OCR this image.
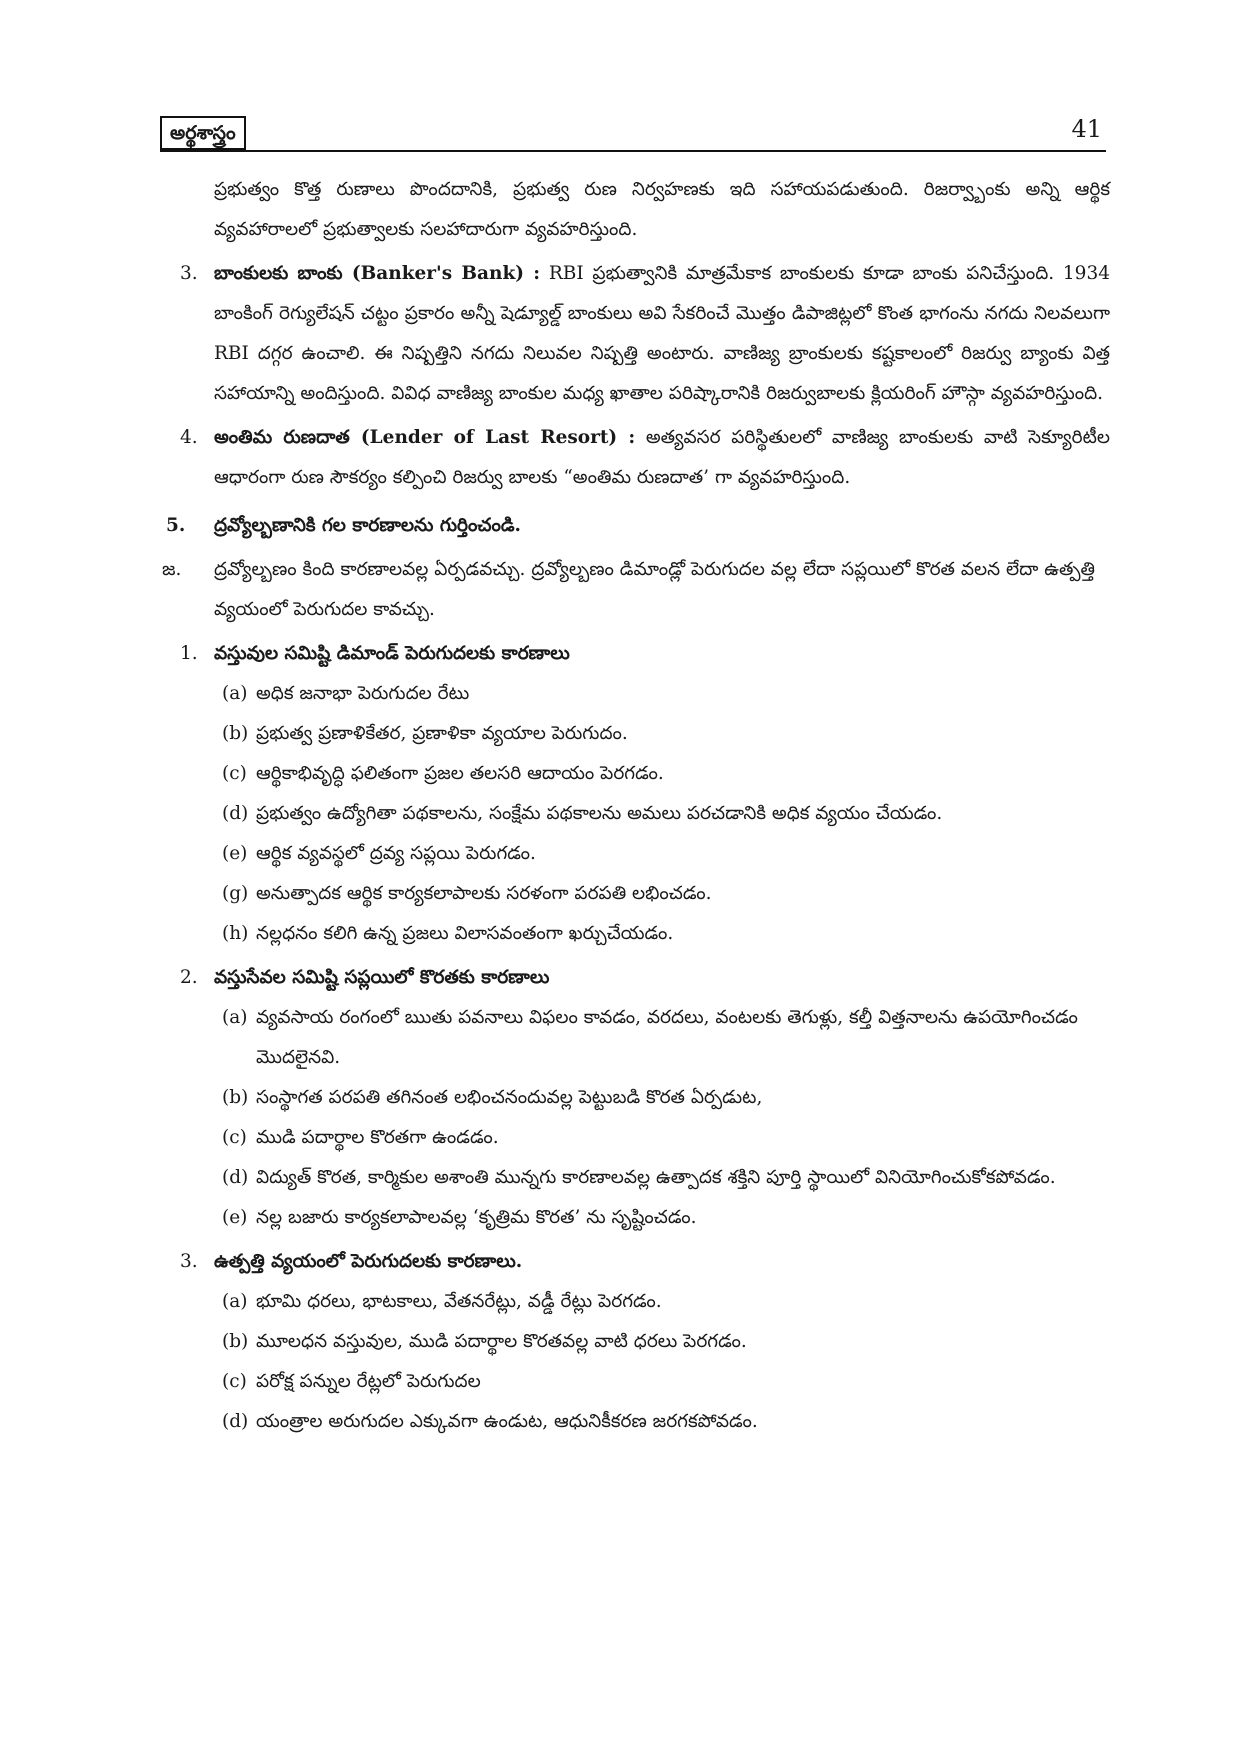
అర్థశాస్త్రం	41

ప్రభుత్వం కొత్త రుణాలు పొందదానికి, ప్రభుత్వ రుణ నిర్వహణకు ఇది సహాయపడుతుంది. రిజర్వ్బాంకు అన్ని ఆర్థిక వ్యవహారాలలో ప్రభుత్వాలకు సలహాదారుగా వ్యవహరిస్తుంది.

3. బాంకులకు బాంకు (Banker's Bank) : RBI ప్రభుత్వానికి మాత్రమేకాక బాంకులకు కూడా బాంకు పనిచేస్తుంది. 1934 బాంకింగ్ రెగ్యులేషన్ చట్టం ప్రకారం అన్నీ షెడ్యూల్డ్ బాంకులు అవి సేకరించే మొత్తం డిపాజిట్లలో కొంత భాగంను నగదు నిలవలుగా RBI దగ్గర ఉంచాలి. ఈ నిష్పత్తిని నగదు నిలువల నిష్పత్తి అంటారు. వాణిజ్య బ్రాంకులకు కష్టకాలంలో రిజర్వు బ్యాంకు విత్త సహాయాన్ని అందిస్తుంది. వివిధ వాణిజ్య బాంకుల మధ్య ఖాతాల పరిష్కారానికి రిజర్వుబాలకు క్లియరింగ్ హౌస్గా వ్యవహరిస్తుంది.
4. అంతిమ రుణదాత (Lender of Last Resort) : అత్యవసర పరిస్థితులలో వాణిజ్య బాంకులకు వాటి సెక్యూరిటీల ఆధారంగా రుణ సౌకర్యం కల్పించి రిజర్వు బాలకు “అంతిమ రుణదాత’ గా వ్యవహరిస్తుంది.
5. ద్రవ్యోల్బణానికి గల కారణాలను గుర్తించండి.
జ. ద్రవ్యోల్బణం కింది కారణాలవల్ల ఏర్పడవచ్చు. ద్రవ్యోల్బణం డిమాండ్లో పెరుగుదల వల్ల లేదా సప్లయిలో కొరత వలన లేదా ఉత్పత్తి వ్యయంలో పెరుగుదల కావచ్చు.
1. వస్తువుల సమిష్టి డిమాండ్ పెరుగుదలకు కారణాలు
(a) అధిక జనాభా పెరుగుదల రేటు
(b) ప్రభుత్వ ప్రణాళికేతర, ప్రణాళికా వ్యయాల పెరుగుదం.
(c) ఆర్థికాభివృద్ధి ఫలితంగా ప్రజల తలసరి ఆదాయం పెరగడం.
(d) ప్రభుత్వం ఉద్యోగితా పథకాలను, సంక్షేమ పథకాలను అమలు పరచడానికి అధిక వ్యయం చేయడం.
(e) ఆర్థిక వ్యవస్థలో ద్రవ్య సప్లయి పెరుగడం.
(g) అనుత్పాదక ఆర్థిక కార్యకలాపాలకు సరళంగా పరపతి లభించడం.
(h) నల్లధనం కలిగి ఉన్న ప్రజలు విలాసవంతంగా ఖర్చుచేయడం.
2. వస్తుసేవల సమిష్టి సప్లయిలో కొరతకు కారణాలు
(a) వ్యవసాయ రంగంలో ఋతు పవనాలు విఫలం కావడం, వరదలు, వంటలకు తెగుళ్లు, కల్తీ విత్తనాలను ఉపయోగించడం మొదలైనవి.
(b) సంస్థాగత పరపతి తగినంత లభించనందువల్ల పెట్టుబడి కొరత ఏర్పడుట,
(c) ముడి పదార్థాల కొరతగా ఉండడం.
(d) విద్యుత్ కొరత, కార్మికుల అశాంతి మున్నగు కారణాలవల్ల ఉత్పాదక శక్తిని పూర్తి స్థాయిలో వినియోగించుకోకపోవడం.
(e) నల్ల బజారు కార్యకలాపాలవల్ల ‘కృత్రిమ కొరత’ ను సృష్టించడం.
3. ఉత్పత్తి వ్యయంలో పెరుగుదలకు కారణాలు.
(a) భూమి ధరలు, భాటకాలు, వేతనరేట్లు, వడ్డీ రేట్లు పెరగడం.
(b) మూలధన వస్తువుల, ముడి పదార్థాల కొరతవల్ల వాటి ధరలు పెరగడం.
(c) పరోక్ష పన్నుల రేట్లలో పెరుగుదల
(d) యంత్రాల అరుగుదల ఎక్కువగా ఉండుట, ఆధునికీకరణ జరగకపోవడం.
